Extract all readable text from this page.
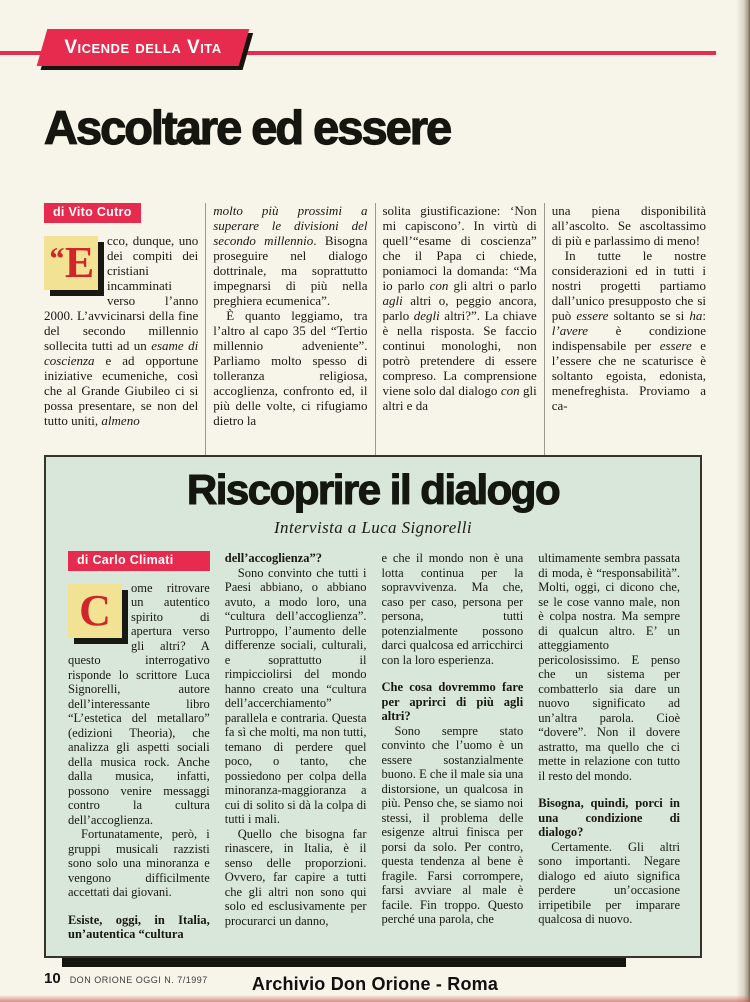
Vicende della Vita
Ascoltare ed essere
di Vito Cutro
“ E cco, dunque, uno dei compiti dei cristiani incamminati verso l’anno 2000. L’avvicinarsi della fine del secondo millennio sollecita tutti ad un esame di coscienza e ad opportune iniziative ecumeniche, così che al Grande Giubileo ci si possa presentare, se non del tutto uniti, almeno

molto più prossimi a superare le divisioni del secondo millennio. Bisogna proseguire nel dialogo dottrinale, ma soprattutto impegnarsi di più nella preghiera ecumenica”.

È quanto leggiamo, tra l’altro al capo 35 del “Tertio millennio adveniente”. Parliamo molto spesso di tolleranza religiosa, accoglienza, confronto ed, il più delle volte, ci rifugiamo dietro la

solita giustificazione: ‘Non mi capiscono’. In virtù di quell’“esame di coscienza” che il Papa ci chiede, poniamoci la domanda: “Ma io parlo con gli altri o parlo agli altri o, peggio ancora, parlo degli altri?”. La chiave è nella risposta. Se faccio continui monologhi, non potrò pretendere di essere compreso. La comprensione viene solo dal dialogo con gli altri e da

una piena disponibilità all’ascolto. Se ascoltassimo di più e parlassimo di meno!

In tutte le nostre considerazioni ed in tutti i nostri progetti partiamo dall’unico presupposto che si può essere soltanto se si ha: l’avere è condizione indispensabile per essere e l’essere che ne scaturisce è soltanto egoista, edonista, menefreghista. Proviamo a ca-

Riscoprire il dialogo
Intervista a Luca Signorelli
di Carlo Climati
C	ome ritrovare un autentico spirito di apertura verso gli altri? A questo interrogativo risponde lo scrittore Luca Signorelli, autore dell’interessante libro “L’estetica del metallaro” (edizioni Theoria), che analizza gli aspetti sociali della musica rock. Anche dalla musica, infatti, possono venire messaggi contro la cultura dell’accoglienza.

Fortunatamente, però, i gruppi musicali razzisti sono solo una minoranza e vengono difficilmente accettati dai giovani.

Esiste, oggi, in Italia, un’autentica “cultura

dell’accoglienza”?

Sono convinto che tutti i Paesi abbiano, o abbiano avuto, a modo loro, una “cultura dell’accoglienza”. Purtroppo, l’aumento delle differenze sociali, culturali, e soprattutto il rimpicciolirsi del mondo hanno creato una “cultura dell’accerchiamento” parallela e contraria. Questa fa sì che molti, ma non tutti, temano di perdere quel poco, o tanto, che possiedono per colpa della minoranza-maggioranza a cui di solito si dà la colpa di tutti i mali.

Quello che bisogna far rinascere, in Italia, è il senso delle proporzioni. Ovvero, far capire a tutti che gli altri non sono qui solo ed esclusivamente per procurarci un danno,

e che il mondo non è una lotta continua per la sopravvivenza. Ma che, caso per caso, persona per persona, tutti potenzialmente possono darci qualcosa ed arricchirci con la loro esperienza.

Che cosa dovremmo fare per aprirci di più agli altri?

Sono sempre stato convinto che l’uomo è un essere sostanzialmente buono. E che il male sia una distorsione, un qualcosa in più. Penso che, se siamo noi stessi, il problema delle esigenze altrui finisca per porsi da solo. Per contro, questa tendenza al bene è fragile. Farsi corrompere, farsi avviare al male è facile. Fin troppo. Questo perché una parola, che

ultimamente sembra passata di moda, è “responsabilità”. Molti, oggi, ci dicono che, se le cose vanno male, non è colpa nostra. Ma sempre di qualcun altro. E’ un atteggiamento pericolosissimo. E penso che un sistema per combatterlo sia dare un nuovo significato ad un’altra parola. Cioè “dovere”. Non il dovere astratto, ma quello che ci mette in relazione con tutto il resto del mondo.

Bisogna, quindi, porci in una condizione di dialogo?

Certamente. Gli altri sono importanti. Negare dialogo ed aiuto significa perdere un’occasione irripetibile per imparare qualcosa di nuovo.

10 DON ORIONE OGGI N. 7/1997	Archivio Don Orione - Roma
